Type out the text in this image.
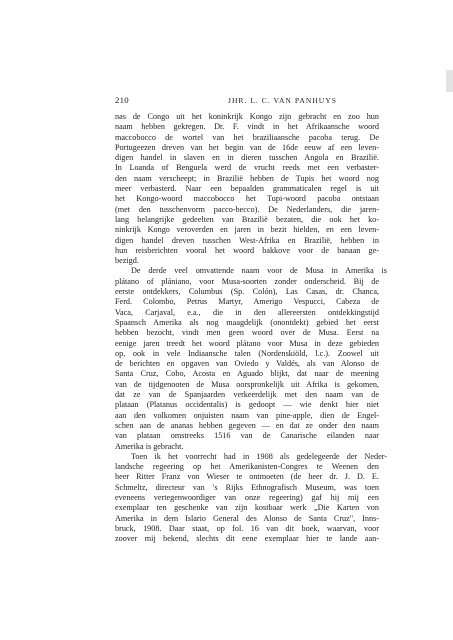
210	JHR. L. C. VAN PANHUYS
nas de Congo uit het koninkrijk Kongo zijn gebracht en zoo hun
naam hebben gekregen. Dr. F. vindt in het Afrikaansche woord
maccobocco de wortel van het braziliaansche pacoba terug. De
Portugeezen dreven van het begin van de 16de eeuw af een leven-
digen handel in slaven en in dieren tusschen Angola en Brazilië.
In Loanda of Benguela werd de vrucht reeds met een verbaster-
den naam verscheept; in Brazilië hebben de Tupis het woord nog
meer verbasterd. Naar een bepaalden grammaticalen regel is uit
het Kongo-woord maccobocco het Tupi-woord pacoba ontstaan
(met den tusschenvorm pacco-becco). De Nederlanders, die jaren-
lang belangrijke gedeelten van Brazilië bezaten, die ook het ko-
ninkrijk Kongo veroverden en jaren in bezit hielden, en een leven-
digen handel dreven tusschen West-Afrika en Brazilië, hebben in
hun reisberichten vooral het woord bakkove voor de banaan ge-
bezigd.
De derde veel omvattende naam voor de Musa in Amerika is
plátano of plániano, voor Musa-soorten zonder onderscheid. Bij de
eerste ontdekkers, Columbus (Sp. Colón), Las Casas, dr. Chanca,
Ferd. Colombo, Petrus Martyr, Amerigo Vespucci, Cabeza de
Vaca, Carjaval, e.a., die in den allereersten ontdekkingstijd
Spaansch Amerika als nog maagdelijk (onontdekt) gebied het eerst
hebben bezocht, vindt men geen woord over de Musa. Eerst na
eenige jaren treedt het woord plátano voor Musa in deze gebieden
op, ook in vele Indiaansche talen (Nordenskiöld, l.c.). Zoowel uit
de berichten en opgaven van Oviedo y Valdés, als van Alonso de
Santa Cruz, Cobo, Acosta en Aguado blijkt, dat naar de meening
van de tijdgenooten de Musa oorspronkelijk uit Afrika is gekomen,
dat ze van de Spanjaarden verkeerdelijk met den naam van de
plataan (Platanus occidentalis) is gedoopt — wie denkt hier niet
aan den volkomen onjuisten naam van pine-apple, dien de Engel-
schen aan de ananas hebben gegeven — en dat ze onder den naam
van plataan omstreeks 1516 van de Canarische eilanden naar
Amerika is gebracht.
Toen ik het voorrecht had in 1908 als gedelegeerde der Neder-
landsche regeering op het Amerikanisten-Congres te Weenen den
heer Ritter Franz von Wieser te ontmoeten (de heer dr. J. D. E.
Schmeltz, directeur van 's Rijks Ethnografisch Museum, was toen
eveneens vertegenwoordiger van onze regeering) gaf hij mij een
exemplaar ten geschenke van zijn kostbaar werk „Die Karten von
Amerika in dem Islario General des Alonso de Santa Cruz", Inns-
bruck, 1908. Daar staat, op fol. 16 van dit boek, waarvan, voor
zoover mij bekend, slechts dit eene exemplaar hier te lande aan-
